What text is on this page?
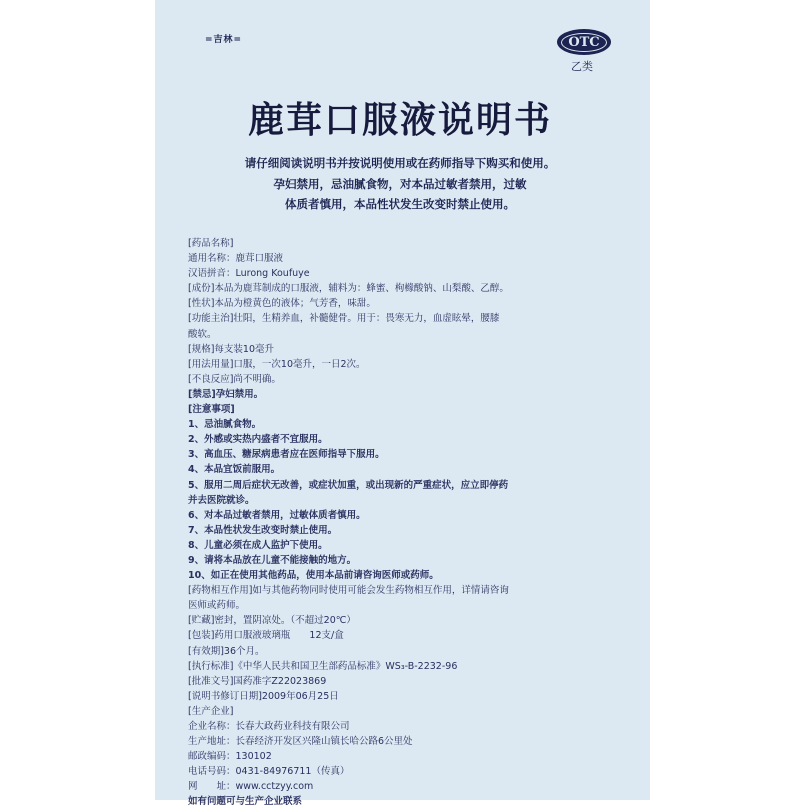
=吉林=	OTC
乙类
鹿茸口服液说明书
请仔细阅读说明书并按说明使用或在药师指导下购买和使用。
孕妇禁用，忌油腻食物，对本品过敏者禁用，过敏
体质者慎用，本品性状发生改变时禁止使用。
[药品名称]
通用名称：鹿茸口服液
汉语拼音：Lurong Koufuye
[成份]本品为鹿茸制成的口服液，辅料为：蜂蜜、枸橼酸钠、山梨酸、乙醇。
[性状]本品为橙黄色的液体；气芳香，味甜。
[功能主治]壮阳，生精养血，补髓健骨。用于：畏寒无力，血虚眩晕，腰膝
酸软。
[规格]每支装10毫升
[用法用量]口服，一次10毫升，一日2次。
[不良反应]尚不明确。
[禁忌]孕妇禁用。
[注意事项]
1、忌油腻食物。
2、外感或实热内盛者不宜服用。
3、高血压、糖尿病患者应在医师指导下服用。
4、本品宜饭前服用。
5、服用二周后症状无改善，或症状加重，或出现新的严重症状，应立即停药
并去医院就诊。
6、对本品过敏者禁用，过敏体质者慎用。
7、本品性状发生改变时禁止使用。
8、儿童必须在成人监护下使用。
9、请将本品放在儿童不能接触的地方。
10、如正在使用其他药品，使用本品前请咨询医师或药师。
[药物相互作用]如与其他药物同时使用可能会发生药物相互作用，详情请咨询
医师或药师。
[贮藏]密封，置阴凉处。（不超过20℃）
[包装]药用口服液玻璃瓶　　12支/盒
[有效期]36个月。
[执行标准]《中华人民共和国卫生部药品标准》WS₃-B-2232-96
[批准文号]国药准字Z22023869
[说明书修订日期]2009年06月25日
[生产企业]
企业名称：长春大政药业科技有限公司
生产地址：长春经济开发区兴隆山镇长哈公路6公里处
邮政编码：130102
电话号码：0431-84976711（传真）
网　　址：www.cctzyy.com
如有问题可与生产企业联系
